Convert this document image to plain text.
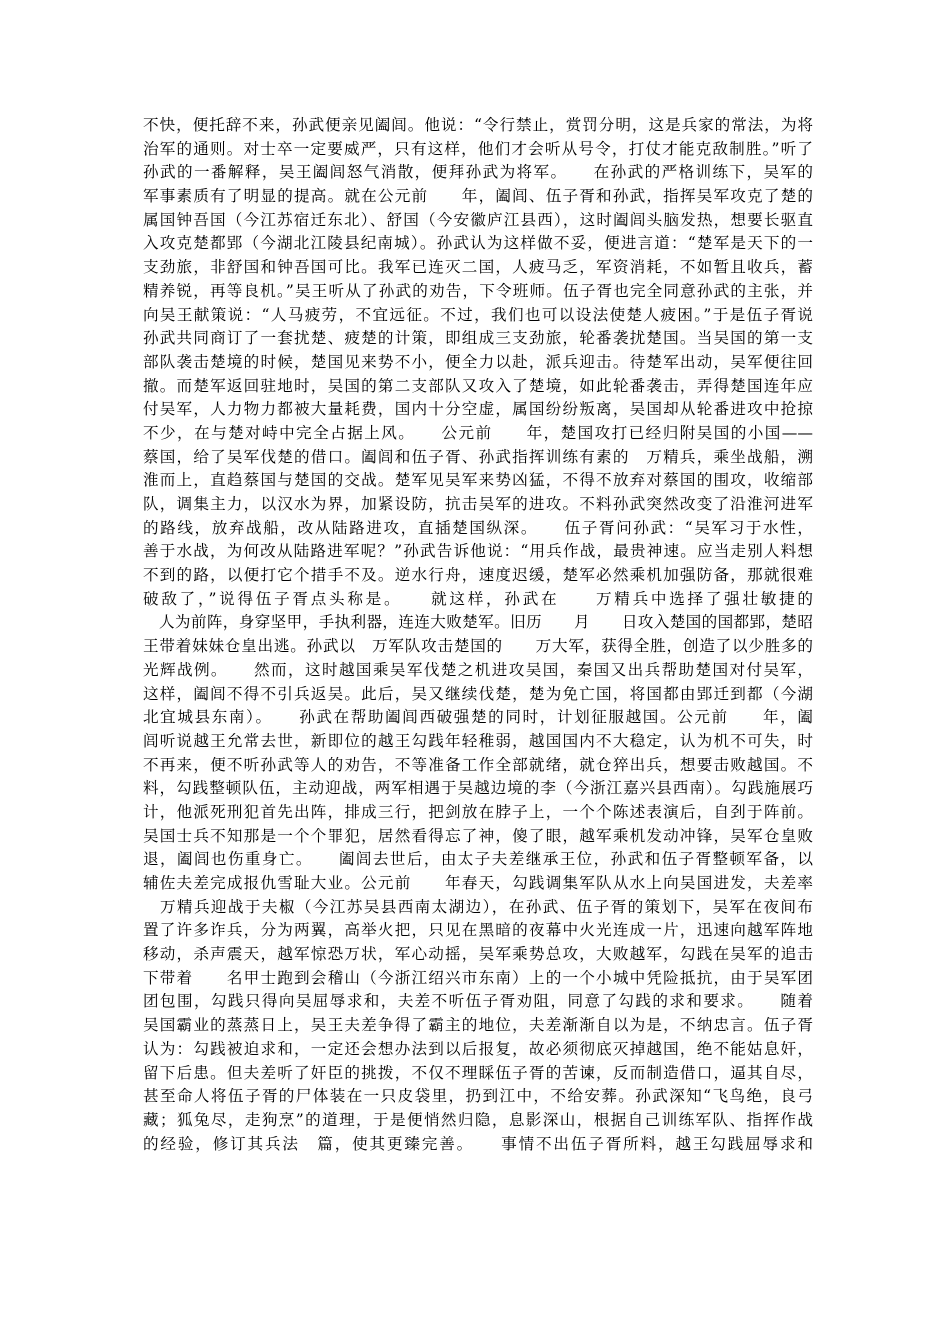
不快，便托辞不来，孙武便亲见阖闾。他说：“令行禁止，赏罚分明，这是兵家的常法，为将
治军的通则。对士卒一定要威严，只有这样，他们才会听从号令，打仗才能克敌制胜。”听了
孙武的一番解释，吴王阖闾怒气消散，便拜孙武为将军。　　在孙武的严格训练下，吴军的
军事素质有了明显的提高。就在公元前　　年，阖闾、伍子胥和孙武，指挥吴军攻克了楚的
属国钟吾国（今江苏宿迁东北）、舒国（今安徽庐江县西），这时阖闾头脑发热，想要长驱直
入攻克楚都郢（今湖北江陵县纪南城）。孙武认为这样做不妥，便进言道：“楚军是天下的一
支劲旅，非舒国和钟吾国可比。我军已连灭二国，人疲马乏，军资消耗，不如暂且收兵，蓄
精养锐，再等良机。”吴王听从了孙武的劝告，下令班师。伍子胥也完全同意孙武的主张，并
向吴王献策说：“人马疲劳，不宜远征。不过，我们也可以设法使楚人疲困。”于是伍子胥说
孙武共同商订了一套扰楚、疲楚的计策，即组成三支劲旅，轮番袭扰楚国。当吴国的第一支
部队袭击楚境的时候，楚国见来势不小，便全力以赴，派兵迎击。待楚军出动，吴军便往回
撤。而楚军返回驻地时，吴国的第二支部队又攻入了楚境，如此轮番袭击，弄得楚国连年应
付吴军，人力物力都被大量耗费，国内十分空虚，属国纷纷叛离，吴国却从轮番进攻中抢掠
不少，在与楚对峙中完全占据上风。　　公元前　　年，楚国攻打已经归附吴国的小国——
蔡国，给了吴军伐楚的借口。阖闾和伍子胥、孙武指挥训练有素的　万精兵，乘坐战船，溯
淮而上，直趋蔡国与楚国的交战。楚军见吴军来势凶猛，不得不放弃对蔡国的围攻，收缩部
队，调集主力，以汉水为界，加紧设防，抗击吴军的进攻。不料孙武突然改变了沿淮河进军
的路线，放弃战船，改从陆路进攻，直插楚国纵深。　　伍子胥问孙武：“吴军习于水性，
善于水战，为何改从陆路进军呢？”孙武告诉他说：“用兵作战，最贵神速。应当走别人料想
不到的路，以便打它个措手不及。逆水行舟，速度迟缓，楚军必然乘机加强防备，那就很难
破敌了，”说得伍子胥点头称是。　　就这样，孙武在　　万精兵中选择了强壮敏捷的
　人为前阵，身穿坚甲，手执利器，连连大败楚军。旧历　　月　　日攻入楚国的国都郢，楚昭
王带着妹妹仓皇出逃。孙武以　万军队攻击楚国的　　万大军，获得全胜，创造了以少胜多的
光辉战例。　　然而，这时越国乘吴军伐楚之机进攻吴国，秦国又出兵帮助楚国对付吴军，
这样，阖闾不得不引兵返吴。此后，吴又继续伐楚，楚为免亡国，将国都由郢迁到都（今湖
北宜城县东南）。　　孙武在帮助阖闾西破强楚的同时，计划征服越国。公元前　　年，阖
闾听说越王允常去世，新即位的越王勾践年轻稚弱，越国国内不大稳定，认为机不可失，时
不再来，便不听孙武等人的劝告，不等准备工作全部就绪，就仓猝出兵，想要击败越国。不
料，勾践整顿队伍，主动迎战，两军相遇于吴越边境的李（今浙江嘉兴县西南）。勾践施展巧
计，他派死刑犯首先出阵，排成三行，把剑放在脖子上，一个个陈述表演后，自刭于阵前。
吴国士兵不知那是一个个罪犯，居然看得忘了神，傻了眼，越军乘机发动冲锋，吴军仓皇败
退，阖闾也伤重身亡。　　阖闾去世后，由太子夫差继承王位，孙武和伍子胥整顿军备，以
辅佐夫差完成报仇雪耻大业。公元前　　年春天，勾践调集军队从水上向吴国进发，夫差率
　万精兵迎战于夫椒（今江苏吴县西南太湖边），在孙武、伍子胥的策划下，吴军在夜间布
置了许多诈兵，分为两翼，高举火把，只见在黑暗的夜幕中火光连成一片，迅速向越军阵地
移动，杀声震天，越军惊恐万状，军心动摇，吴军乘势总攻，大败越军，勾践在吴军的追击
下带着　　名甲士跑到会稽山（今浙江绍兴市东南）上的一个小城中凭险抵抗，由于吴军团
团包围，勾践只得向吴屈辱求和，夫差不听伍子胥劝阻，同意了勾践的求和要求。　　随着
吴国霸业的蒸蒸日上，吴王夫差争得了霸主的地位，夫差渐渐自以为是，不纳忠言。伍子胥
认为：勾践被迫求和，一定还会想办法到以后报复，故必须彻底灭掉越国，绝不能姑息奸，
留下后患。但夫差听了奸臣的挑拨，不仅不理睬伍子胥的苦谏，反而制造借口，逼其自尽，
甚至命人将伍子胥的尸体装在一只皮袋里，扔到江中，不给安葬。孙武深知“飞鸟绝，良弓
藏；狐兔尽，走狗烹”的道理，于是便悄然归隐，息影深山，根据自己训练军队、指挥作战
的经验，修订其兵法　篇，使其更臻完善。　　事情不出伍子胥所料，越王勾践屈辱求和
